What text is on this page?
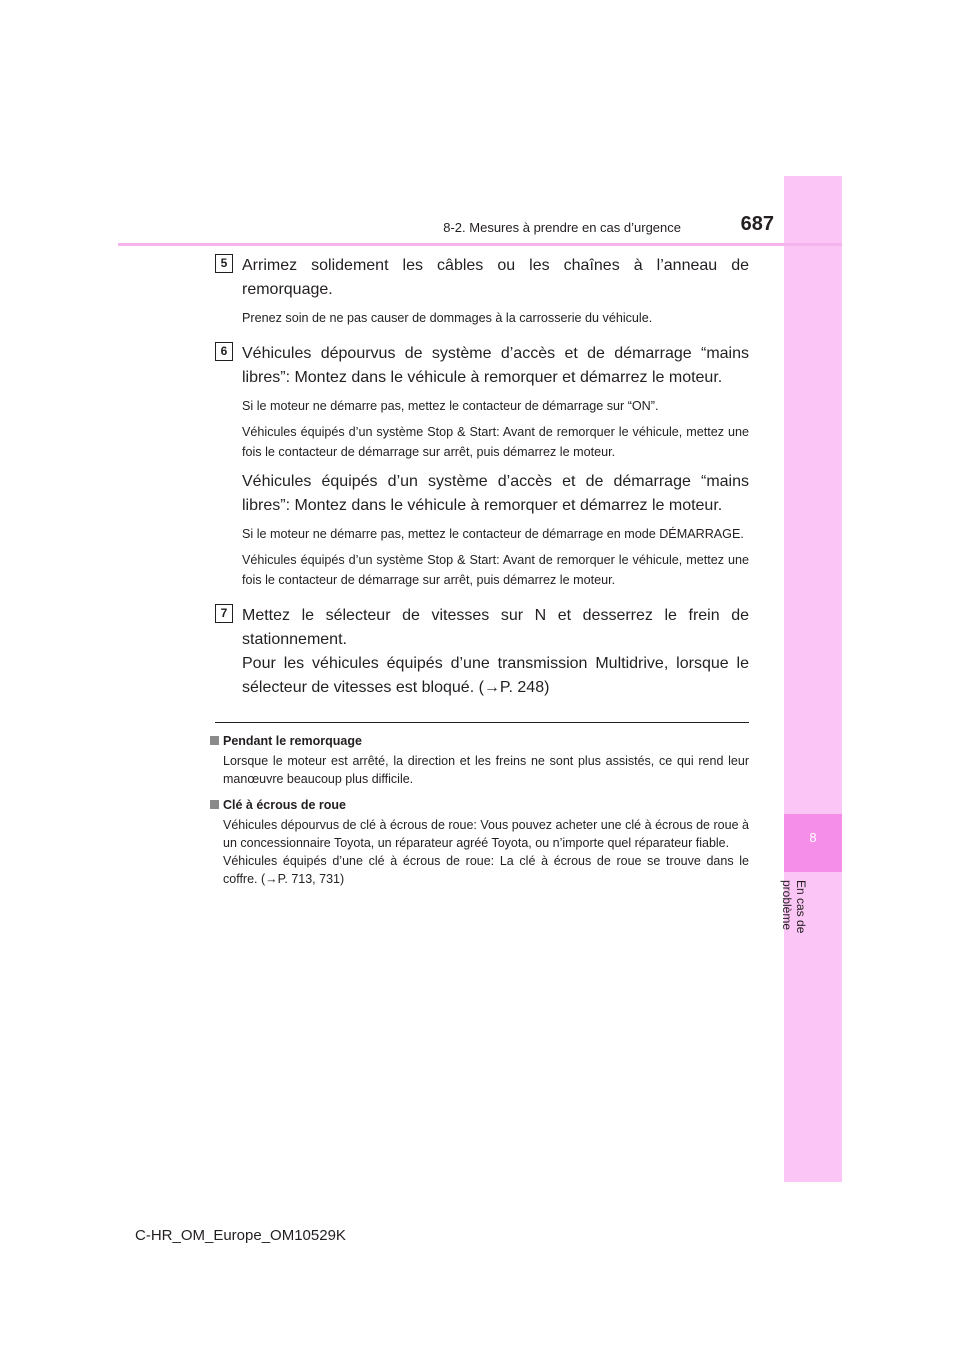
8
En cas de problème
8-2. Mesures à prendre en cas d’urgence	687
5 Arrimez solidement les câbles ou les chaînes à l’anneau de remorquage.

Prenez soin de ne pas causer de dommages à la carrosserie du véhicule.

6 Véhicules dépourvus de système d’accès et de démarrage “mains libres”: Montez dans le véhicule à remorquer et démarrez le moteur.

Si le moteur ne démarre pas, mettez le contacteur de démarrage sur “ON”.

Véhicules équipés d’un système Stop & Start: Avant de remorquer le véhicule, mettez une fois le contacteur de démarrage sur arrêt, puis démarrez le moteur.

Véhicules équipés d’un système d’accès et de démarrage “mains libres”: Montez dans le véhicule à remorquer et démarrez le moteur.

Si le moteur ne démarre pas, mettez le contacteur de démarrage en mode DÉMARRAGE.

Véhicules équipés d’un système Stop & Start: Avant de remorquer le véhicule, mettez une fois le contacteur de démarrage sur arrêt, puis démarrez le moteur.

7 Mettez le sélecteur de vitesses sur N et desserrez le frein de stationnement.

Pour les véhicules équipés d’une transmission Multidrive, lorsque le sélecteur de vitesses est bloqué. (→P. 248)

Pendant le remorquage

Lorsque le moteur est arrêté, la direction et les freins ne sont plus assistés, ce qui rend leur manœuvre beaucoup plus difficile.

Clé à écrous de roue

Véhicules dépourvus de clé à écrous de roue: Vous pouvez acheter une clé à écrous de roue à un concessionnaire Toyota, un réparateur agréé Toyota, ou n’importe quel réparateur fiable.

Véhicules équipés d’une clé à écrous de roue: La clé à écrous de roue se trouve dans le coffre. (→P. 713, 731)

C-HR_OM_Europe_OM10529K
